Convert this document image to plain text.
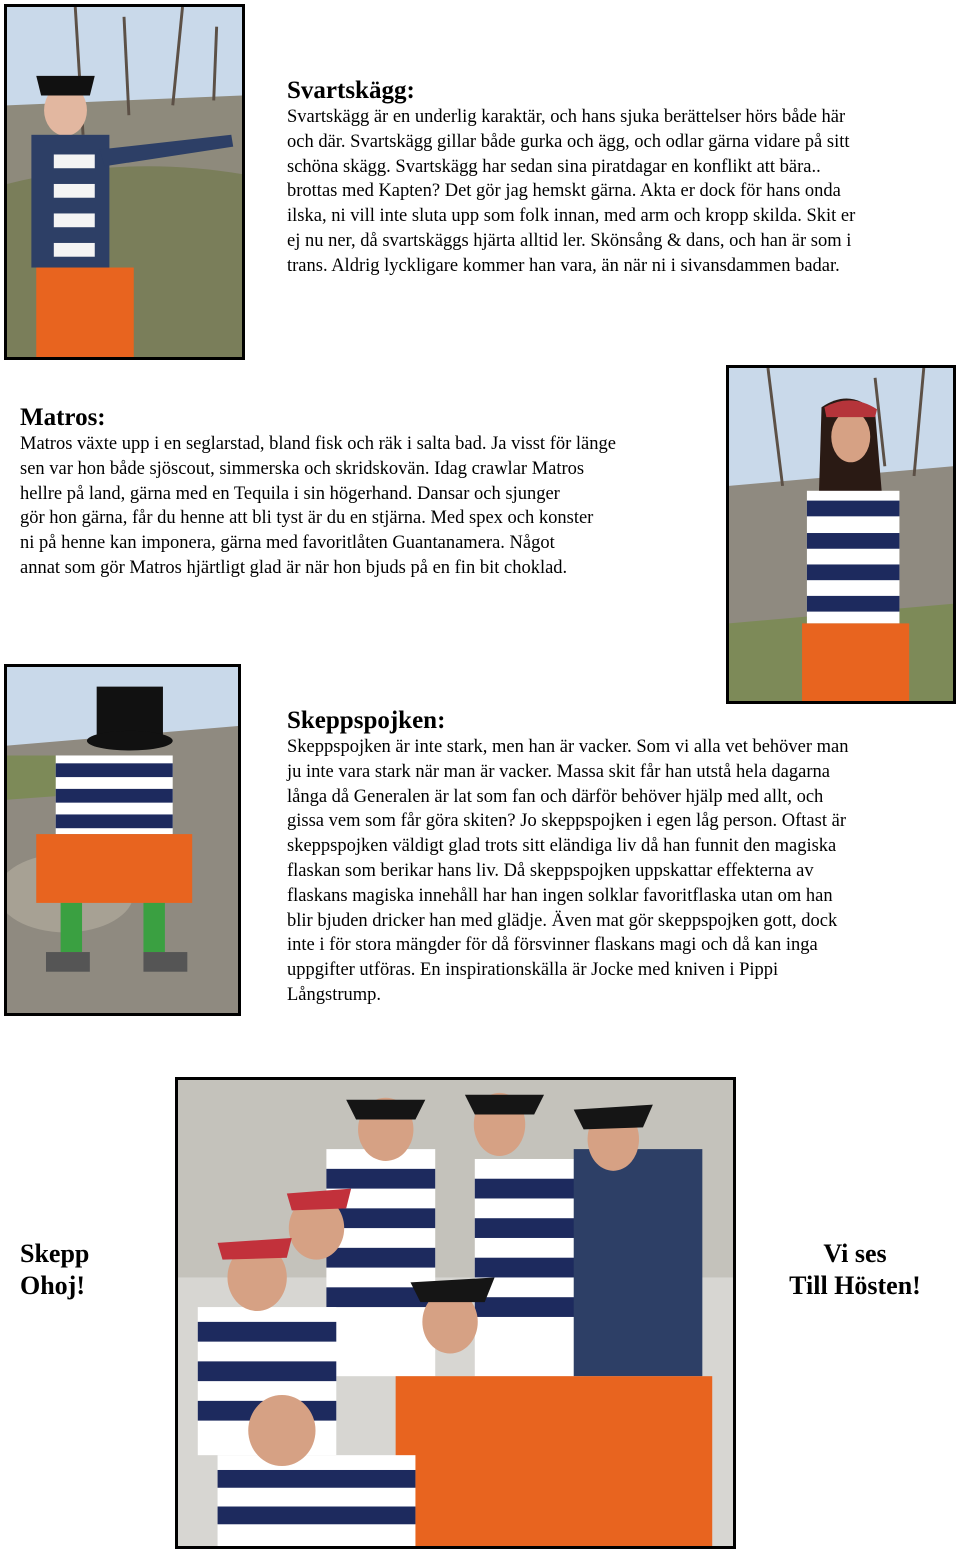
Svartskägg:

Svartskägg är en underlig karaktär, och hans sjuka berättelser hörs både här

och där. Svartskägg gillar både gurka och ägg, och odlar gärna vidare på sitt

schöna skägg. Svartskägg har sedan sina piratdagar en konflikt att bära..

brottas med Kapten? Det gör jag hemskt gärna. Akta er dock för hans onda

ilska, ni vill inte sluta upp som folk innan, med arm och kropp skilda. Skit er

ej nu ner, då svartskäggs hjärta alltid ler. Skönsång & dans, och han är som i

trans. Aldrig lyckligare kommer han vara, än när ni i sivansdammen badar.

Matros:

Matros växte upp i en seglarstad, bland fisk och räk i salta bad. Ja visst för länge

sen var hon både sjöscout, simmerska och skridskovän. Idag crawlar Matros

hellre på land, gärna med en Tequila i sin högerhand. Dansar och sjunger

gör hon gärna, får du henne att bli tyst är du en stjärna. Med spex och konster

ni på henne kan imponera, gärna med favoritlåten Guantanamera. Något

annat som gör Matros hjärtligt glad är när hon bjuds på en fin bit choklad.

Skeppspojken:

Skeppspojken är inte stark, men han är vacker. Som vi alla vet behöver man

ju inte vara stark när man är vacker. Massa skit får han utstå hela dagarna

långa då Generalen är lat som fan och därför behöver hjälp med allt, och

gissa vem som får göra skiten? Jo skeppspojken i egen låg person. Oftast är

skeppspojken väldigt glad trots sitt eländiga liv då han funnit den magiska

flaskan som berikar hans liv. Då skeppspojken uppskattar effekterna av

flaskans magiska innehåll har han ingen solklar favoritflaska utan om han

blir bjuden dricker han med glädje. Även mat gör skeppspojken gott, dock

inte i för stora mängder för då försvinner flaskans magi och då kan inga

uppgifter utföras. En inspirationskälla är Jocke med kniven i Pippi

Långstrump.

Skepp
Ohoj!
Vi ses
Till Hösten!
